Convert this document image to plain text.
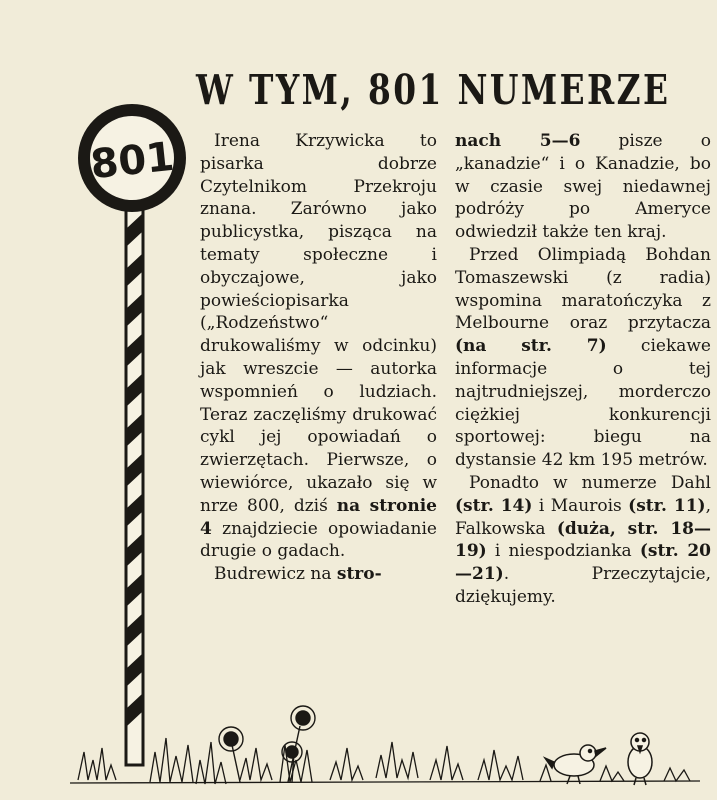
801
W TYM, 801 NUMERZE

Irena Krzywicka to pisarka dobrze Czytelnikom Przekroju znana. Zarówno jako publicystka, pisząca na tematy społeczne i obyczajowe, jako powieściopisarka („Rodzeństwo“ drukowaliśmy w odcinku) jak wreszcie — autorka wspomnień o ludziach. Teraz zaczęliśmy drukować cykl jej opowiadań o zwierzętach. Pierwsze, o wiewiórce, ukazało się w nrze 800, dziś na stronie 4 znajdziecie opowiadanie drugie o gadach.

Budrewicz na stro-

nach 5—6 pisze o „kanadzie“ i o Kanadzie, bo w czasie swej niedawnej podróży po Ameryce odwiedził także ten kraj.

Przed Olimpiadą Bohdan Tomaszewski (z radia) wspomina maratończyka z Melbourne oraz przytacza (na str. 7) ciekawe informacje o tej najtrudniejszej, morderczo ciężkiej konkurencji sportowej: biegu na dystansie 42 km 195 metrów.

Ponadto w numerze Dahl (str. 14) i Maurois (str. 11), Falkowska (duża, str. 18—19) i niespodzianka (str. 20—21). Przeczytajcie, dziękujemy.
